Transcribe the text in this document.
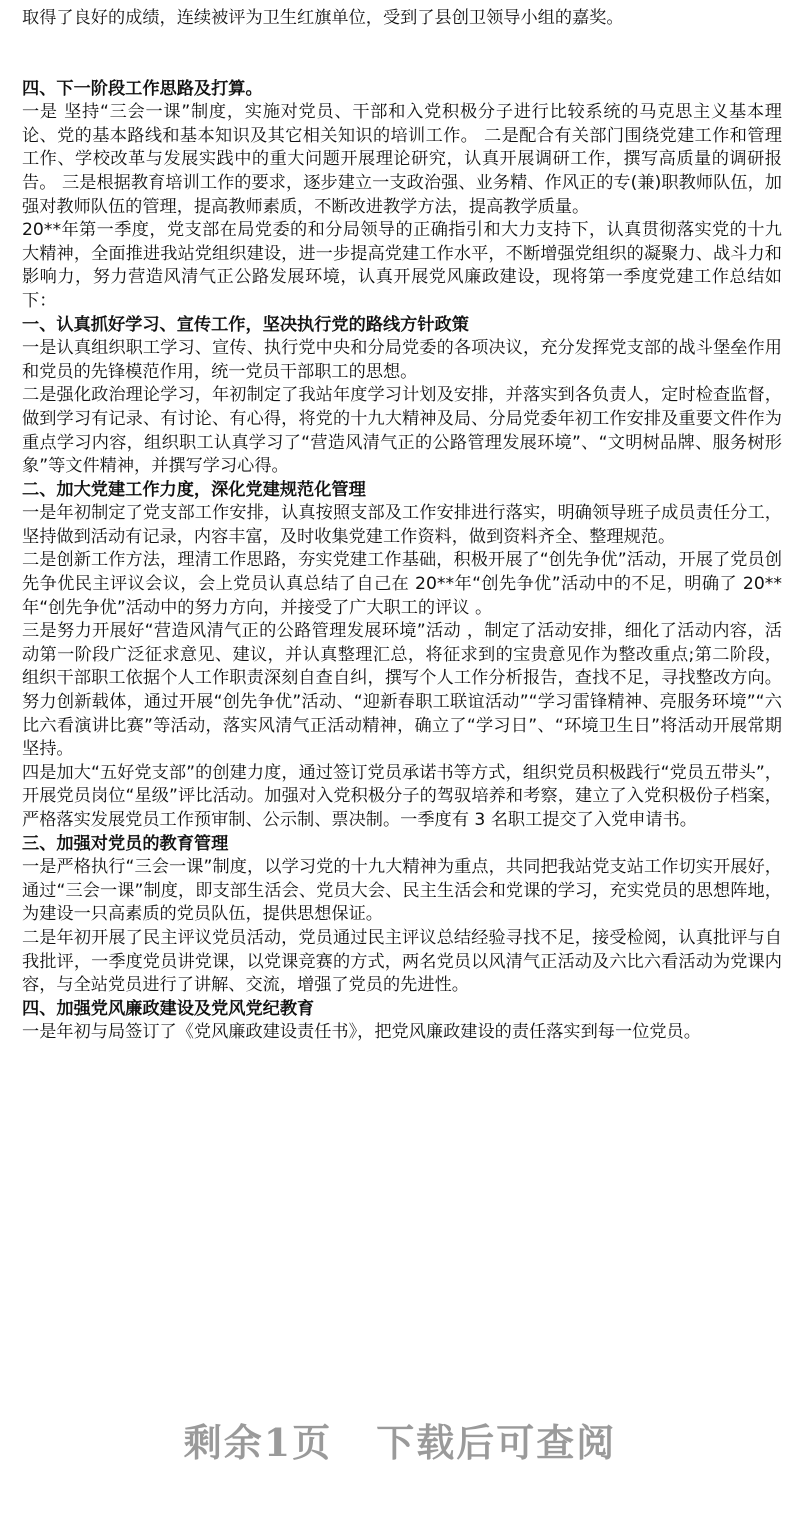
取得了良好的成绩，连续被评为卫生红旗单位，受到了县创卫领导小组的嘉奖。

四、下一阶段工作思路及打算。

一是 坚持“三会一课”制度，实施对党员、干部和入党积极分子进行比较系统的马克思主义基本理论、党的基本路线和基本知识及其它相关知识的培训工作。 二是配合有关部门围绕党建工作和管理工作、学校改革与发展实践中的重大问题开展理论研究，认真开展调研工作，撰写高质量的调研报告。 三是根据教育培训工作的要求，逐步建立一支政治强、业务精、作风正的专(兼)职教师队伍，加强对教师队伍的管理，提高教师素质，不断改进教学方法，提高教学质量。

20**年第一季度，党支部在局党委的和分局领导的正确指引和大力支持下，认真贯彻落实党的十九大精神，全面推进我站党组织建设，进一步提高党建工作水平，不断增强党组织的凝聚力、战斗力和影响力，努力营造风清气正公路发展环境，认真开展党风廉政建设，现将第一季度党建工作总结如下：

一、认真抓好学习、宣传工作，坚决执行党的路线方针政策

一是认真组织职工学习、宣传、执行党中央和分局党委的各项决议，充分发挥党支部的战斗堡垒作用和党员的先锋模范作用，统一党员干部职工的思想。

二是强化政治理论学习，年初制定了我站年度学习计划及安排，并落实到各负责人，定时检查监督，做到学习有记录、有讨论、有心得，将党的十九大精神及局、分局党委年初工作安排及重要文件作为重点学习内容，组织职工认真学习了“营造风清气正的公路管理发展环境”、“文明树品牌、服务树形象”等文件精神，并撰写学习心得。

二、加大党建工作力度，深化党建规范化管理

一是年初制定了党支部工作安排，认真按照支部及工作安排进行落实，明确领导班子成员责任分工，坚持做到活动有记录，内容丰富，及时收集党建工作资料，做到资料齐全、整理规范。

二是创新工作方法，理清工作思路，夯实党建工作基础，积极开展了“创先争优”活动，开展了党员创先争优民主评议会议，会上党员认真总结了自己在 20**年“创先争优”活动中的不足，明确了 20**年“创先争优”活动中的努力方向，并接受了广大职工的评议 。

三是努力开展好“营造风清气正的公路管理发展环境”活动 ，制定了活动安排，细化了活动内容，活动第一阶段广泛征求意见、建议，并认真整理汇总，将征求到的宝贵意见作为整改重点;第二阶段，组织干部职工依据个人工作职责深刻自查自纠，撰写个人工作分析报告，查找不足，寻找整改方向。努力创新载体，通过开展“创先争优”活动、“迎新春职工联谊活动”“学习雷锋精神、亮服务环境”“六比六看演讲比赛”等活动，落实风清气正活动精神，确立了“学习日”、“环境卫生日”将活动开展常期坚持。

四是加大“五好党支部”的创建力度，通过签订党员承诺书等方式，组织党员积极践行“党员五带头”，开展党员岗位“星级”评比活动。加强对入党积极分子的驾驭培养和考察，建立了入党积极份子档案，严格落实发展党员工作预审制、公示制、票决制。一季度有 3 名职工提交了入党申请书。

三、加强对党员的教育管理

一是严格执行“三会一课”制度，以学习党的十九大精神为重点，共同把我站党支站工作切实开展好，通过“三会一课”制度，即支部生活会、党员大会、民主生活会和党课的学习，充实党员的思想阵地，为建设一只高素质的党员队伍，提供思想保证。

二是年初开展了民主评议党员活动，党员通过民主评议总结经验寻找不足，接受检阅，认真批评与自我批评，一季度党员讲党课，以党课竞赛的方式，两名党员以风清气正活动及六比六看活动为党课内容，与全站党员进行了讲解、交流，增强了党员的先进性。

四、加强党风廉政建设及党风党纪教育

一是年初与局签订了《党风廉政建设责任书》，把党风廉政建设的责任落实到每一位党员。

剩余1页 下载后可查阅
